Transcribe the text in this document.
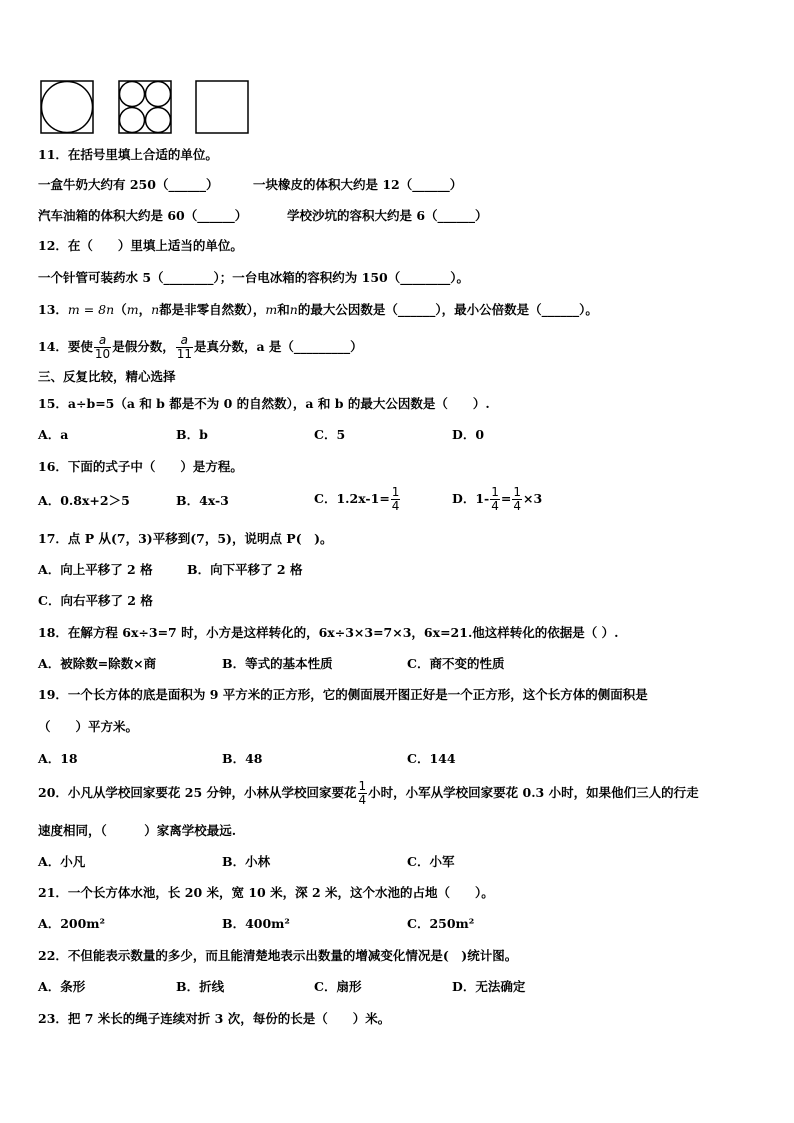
11．在括号里填上合适的单位。
一盒牛奶大约有 250（______）	一块橡皮的体积大约是 12（______）
汽车油箱的体积大约是 60（______）	学校沙坑的容积大约是 6（______）
12．在（　　）里填上适当的单位。
一个针管可装药水 5（________）；一台电冰箱的容积约为 150（________）。
13．m = 8n（m，n都是非零自然数），m和n的最大公因数是（______），最小公倍数是（______）。
14．要使 $\frac{a}{10}$ 是假分数， $\frac{a}{11}$ 是真分数，a 是（_________）
三、反复比较，精心选择
15．a÷b=5（a 和 b 都是不为 0 的自然数），a 和 b 的最大公因数是（　　）.
A．a	B．b	C．5	D．0
16．下面的式子中（　　）是方程。
A．0.8x+2＞5	B．4x-3	C．$1.2x-1= \frac{1}{4}$	D．$1- \frac{1}{4} = \frac{1}{4} \times 3$
17．点 P 从(7，3)平移到(7，5)，说明点 P(　)。
A．向上平移了 2 格	B．向下平移了 2 格
C．向右平移了 2 格
18．在解方程 6x÷3=7 时，小方是这样转化的，6x÷3×3=7×3，6x=21.他这样转化的依据是（ ）.
A．被除数=除数×商	B．等式的基本性质	C．商不变的性质
19．一个长方体的底是面积为 9 平方米的正方形，它的侧面展开图正好是一个正方形，这个长方体的侧面积是
（　　）平方米。
A．18	B．48	C．144
20．小凡从学校回家要花 25 分钟，小林从学校回家要花 $\frac{1}{4}$ 小时，小军从学校回家要花 0.3 小时，如果他们三人的行走
速度相同，（　　　）家离学校最远.
A．小凡	B．小林	C．小军
21．一个长方体水池，长 20 米，宽 10 米，深 2 米，这个水池的占地（　　）。
A．200m²	B．400m²	C．250m²
22．不但能表示数量的多少，而且能清楚地表示出数量的增减变化情况是(　)统计图。
A．条形	B．折线	C．扇形	D．无法确定
23．把 7 米长的绳子连续对折 3 次，每份的长是（　　）米。
